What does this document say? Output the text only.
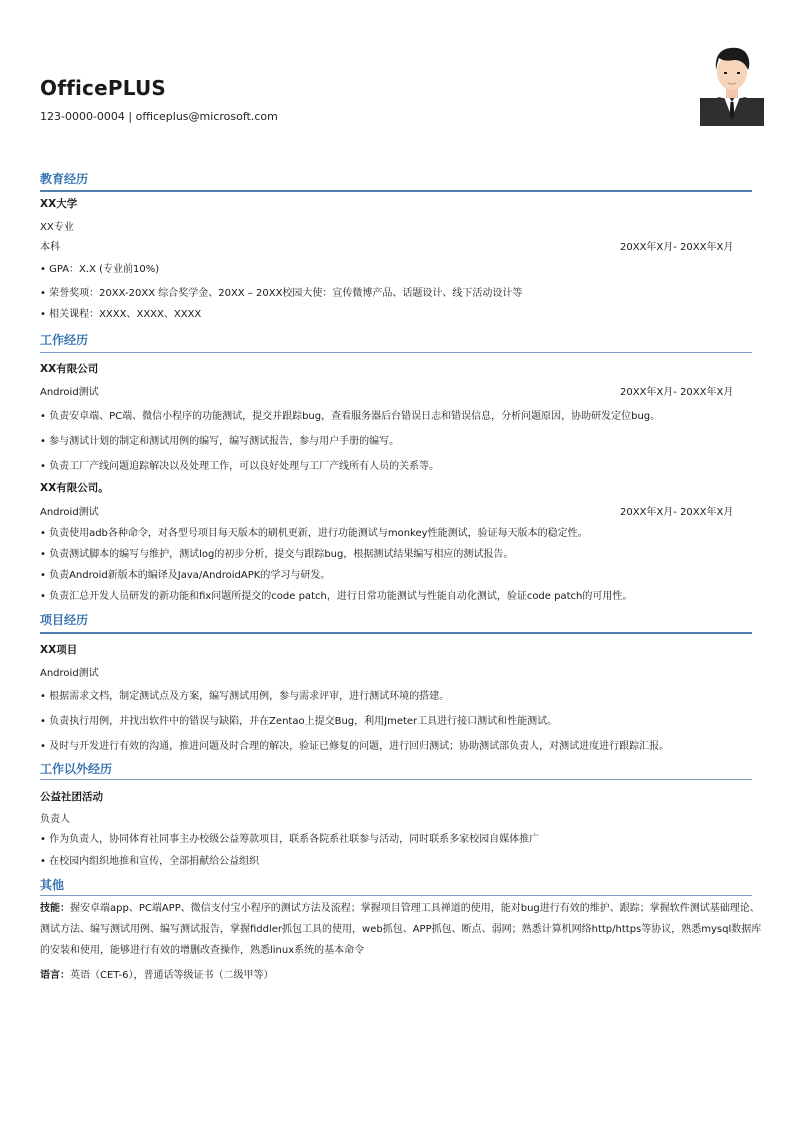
OfficePLUS
123-0000-0004 | officeplus@microsoft.com
教育经历
XX大学
XX专业
本科	20XX年X月- 20XX年X月
• GPA：X.X (专业前10%)
• 荣誉奖项：20XX-20XX 综合奖学金、20XX – 20XX校园大使：宣传微博产品、话题设计、线下活动设计等
• 相关课程：XXXX、XXXX、XXXX
工作经历
XX有限公司
Android测试	20XX年X月- 20XX年X月
• 负责安卓端、PC端、微信小程序的功能测试，提交并跟踪bug，查看服务器后台错误日志和错误信息，分析问题原因，协助研发定位bug。
• 参与测试计划的制定和测试用例的编写，编写测试报告，参与用户手册的编写。
• 负责工厂产线问题追踪解决以及处理工作，可以良好处理与工厂产线所有人员的关系等。
XX有限公司。
Android测试	20XX年X月- 20XX年X月
• 负责使用adb各种命令，对各型号项目每天版本的刷机更新，进行功能测试与monkey性能测试，验证每天版本的稳定性。
• 负责测试脚本的编写与维护，测试log的初步分析，提交与跟踪bug，根据测试结果编写相应的测试报告。
• 负责Android新版本的编译及Java/AndroidAPK的学习与研发。
• 负责汇总开发人员研发的新功能和fix问题所提交的code patch，进行日常功能测试与性能自动化测试，验证code patch的可用性。
项目经历
XX项目
Android测试
• 根据需求文档，制定测试点及方案，编写测试用例，参与需求评审，进行测试环境的搭建。
• 负责执行用例，并找出软件中的错误与缺陷，并在Zentao上提交Bug，利用Jmeter工具进行接口测试和性能测试。
• 及时与开发进行有效的沟通，推进问题及时合理的解决，验证已修复的问题，进行回归测试；协助测试部负责人，对测试进度进行跟踪汇报。
工作以外经历
公益社团活动
负责人
• 作为负责人，协同体育社同事主办校级公益筹款项目，联系各院系社联参与活动，同时联系多家校园自媒体推广
• 在校园内组织地推和宣传，全部捐献给公益组织
其他
技能：握安卓端app、PC端APP、微信支付宝小程序的测试方法及流程；掌握项目管理工具禅道的使用，能对bug进行有效的维护、跟踪；掌握软件测试基础理论、测试方法、编写测试用例、编写测试报告，掌握fiddler抓包工具的使用，web抓包、APP抓包、断点、弱网；熟悉计算机网络http/https等协议，熟悉mysql数据库的安装和使用，能够进行有效的增删改查操作，熟悉linux系统的基本命令
语言：英语（CET-6），普通话等级证书（二级甲等）
